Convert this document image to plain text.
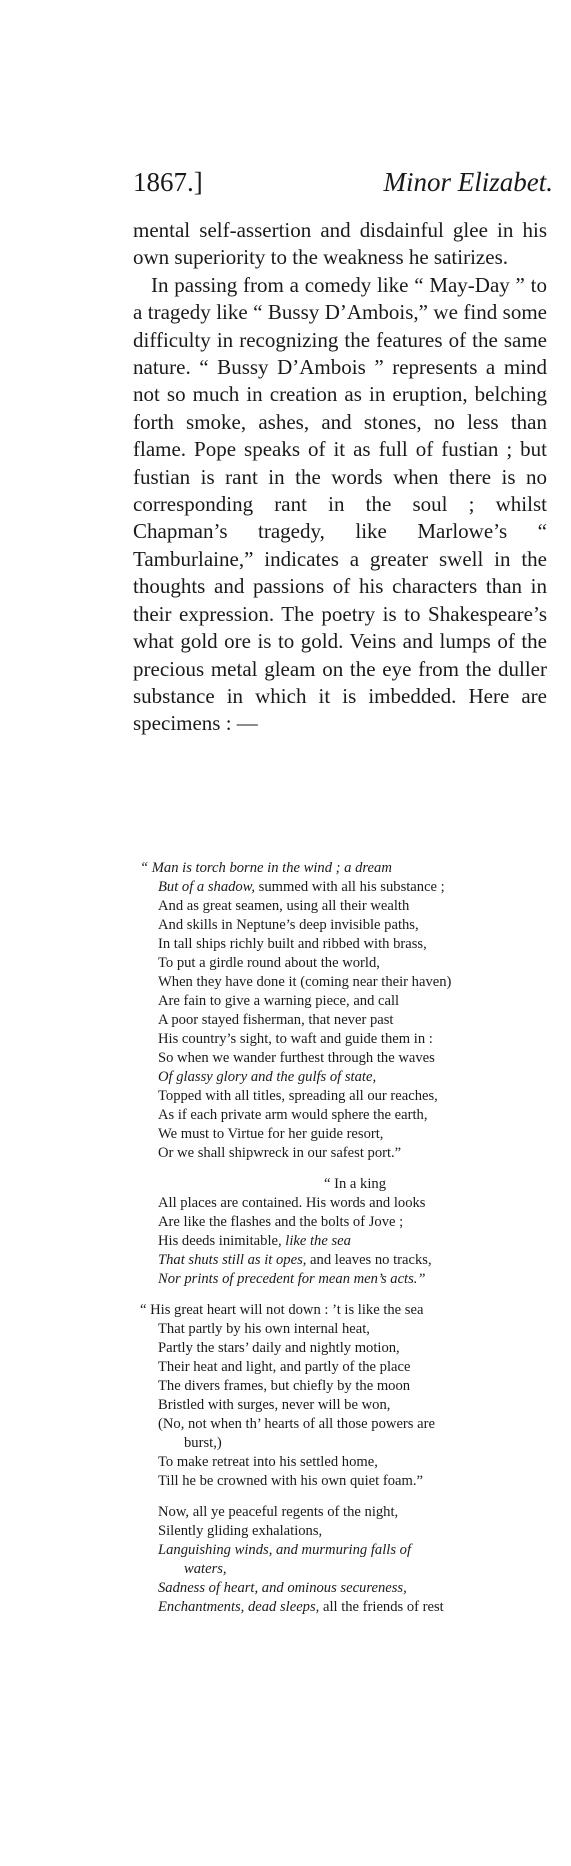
1867.]	Minor Elizabet.

mental self-assertion and disdainful glee in his own superiority to the weakness he satirizes.

In passing from a comedy like “ May-Day ” to a tragedy like “ Bussy D’Ambois,” we find some difficulty in recognizing the features of the same nature. “ Bussy D’Ambois ” represents a mind not so much in creation as in eruption, belching forth smoke, ashes, and stones, no less than flame. Pope speaks of it as full of fustian ; but fustian is rant in the words when there is no corresponding rant in the soul ; whilst Chapman’s tragedy, like Marlowe’s “ Tamburlaine,” indicates a greater swell in the thoughts and passions of his characters than in their expression. The poetry is to Shakespeare’s what gold ore is to gold. Veins and lumps of the precious metal gleam on the eye from the duller substance in which it is imbedded. Here are specimens : —

“ Man is torch borne in the wind ; a dream
But of a shadow, summed with all his substance ;
And as great seamen, using all their wealth
And skills in Neptune’s deep invisible paths,
In tall ships richly built and ribbed with brass,
To put a girdle round about the world,
When they have done it (coming near their haven)
Are fain to give a warning piece, and call
A poor stayed fisherman, that never past
His country’s sight, to waft and guide them in :
So when we wander furthest through the waves
Of glassy glory and the gulfs of state,
Topped with all titles, spreading all our reaches,
As if each private arm would sphere the earth,
We must to Virtue for her guide resort,
Or we shall shipwreck in our safest port.”
“ In a king
All places are contained. His words and looks
Are like the flashes and the bolts of Jove ;
His deeds inimitable, like the sea
That shuts still as it opes, and leaves no tracks,
Nor prints of precedent for mean men’s acts.”
“ His great heart will not down : ’t is like the sea
That partly by his own internal heat,
Partly the stars’ daily and nightly motion,
Their heat and light, and partly of the place
The divers frames, but chiefly by the moon
Bristled with surges, never will be won,
(No, not when th’ hearts of all those powers are
burst,)
To make retreat into his settled home,
Till he be crowned with his own quiet foam.”
Now, all ye peaceful regents of the night,
Silently gliding exhalations,
Languishing winds, and murmuring falls of
waters,
Sadness of heart, and ominous secureness,
Enchantments, dead sleeps, all the friends of rest
